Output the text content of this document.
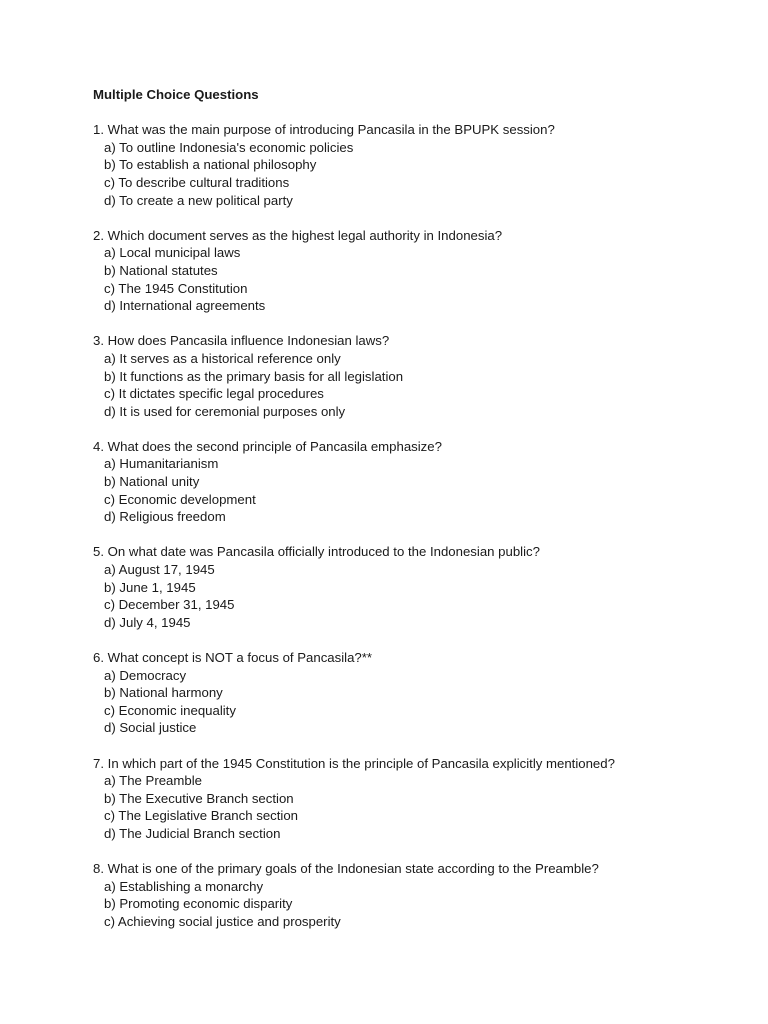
Multiple Choice Questions
1. What was the main purpose of introducing Pancasila in the BPUPK session?
a) To outline Indonesia's economic policies
b) To establish a national philosophy
c) To describe cultural traditions
d) To create a new political party
2. Which document serves as the highest legal authority in Indonesia?
a) Local municipal laws
b) National statutes
c) The 1945 Constitution
d) International agreements
3. How does Pancasila influence Indonesian laws?
a) It serves as a historical reference only
b) It functions as the primary basis for all legislation
c) It dictates specific legal procedures
d) It is used for ceremonial purposes only
4. What does the second principle of Pancasila emphasize?
a) Humanitarianism
b) National unity
c) Economic development
d) Religious freedom
5. On what date was Pancasila officially introduced to the Indonesian public?
a) August 17, 1945
b) June 1, 1945
c) December 31, 1945
d) July 4, 1945
6. What concept is NOT a focus of Pancasila?**
a) Democracy
b) National harmony
c) Economic inequality
d) Social justice
7. In which part of the 1945 Constitution is the principle of Pancasila explicitly mentioned?
a) The Preamble
b) The Executive Branch section
c) The Legislative Branch section
d) The Judicial Branch section
8. What is one of the primary goals of the Indonesian state according to the Preamble?
a) Establishing a monarchy
b) Promoting economic disparity
c) Achieving social justice and prosperity
